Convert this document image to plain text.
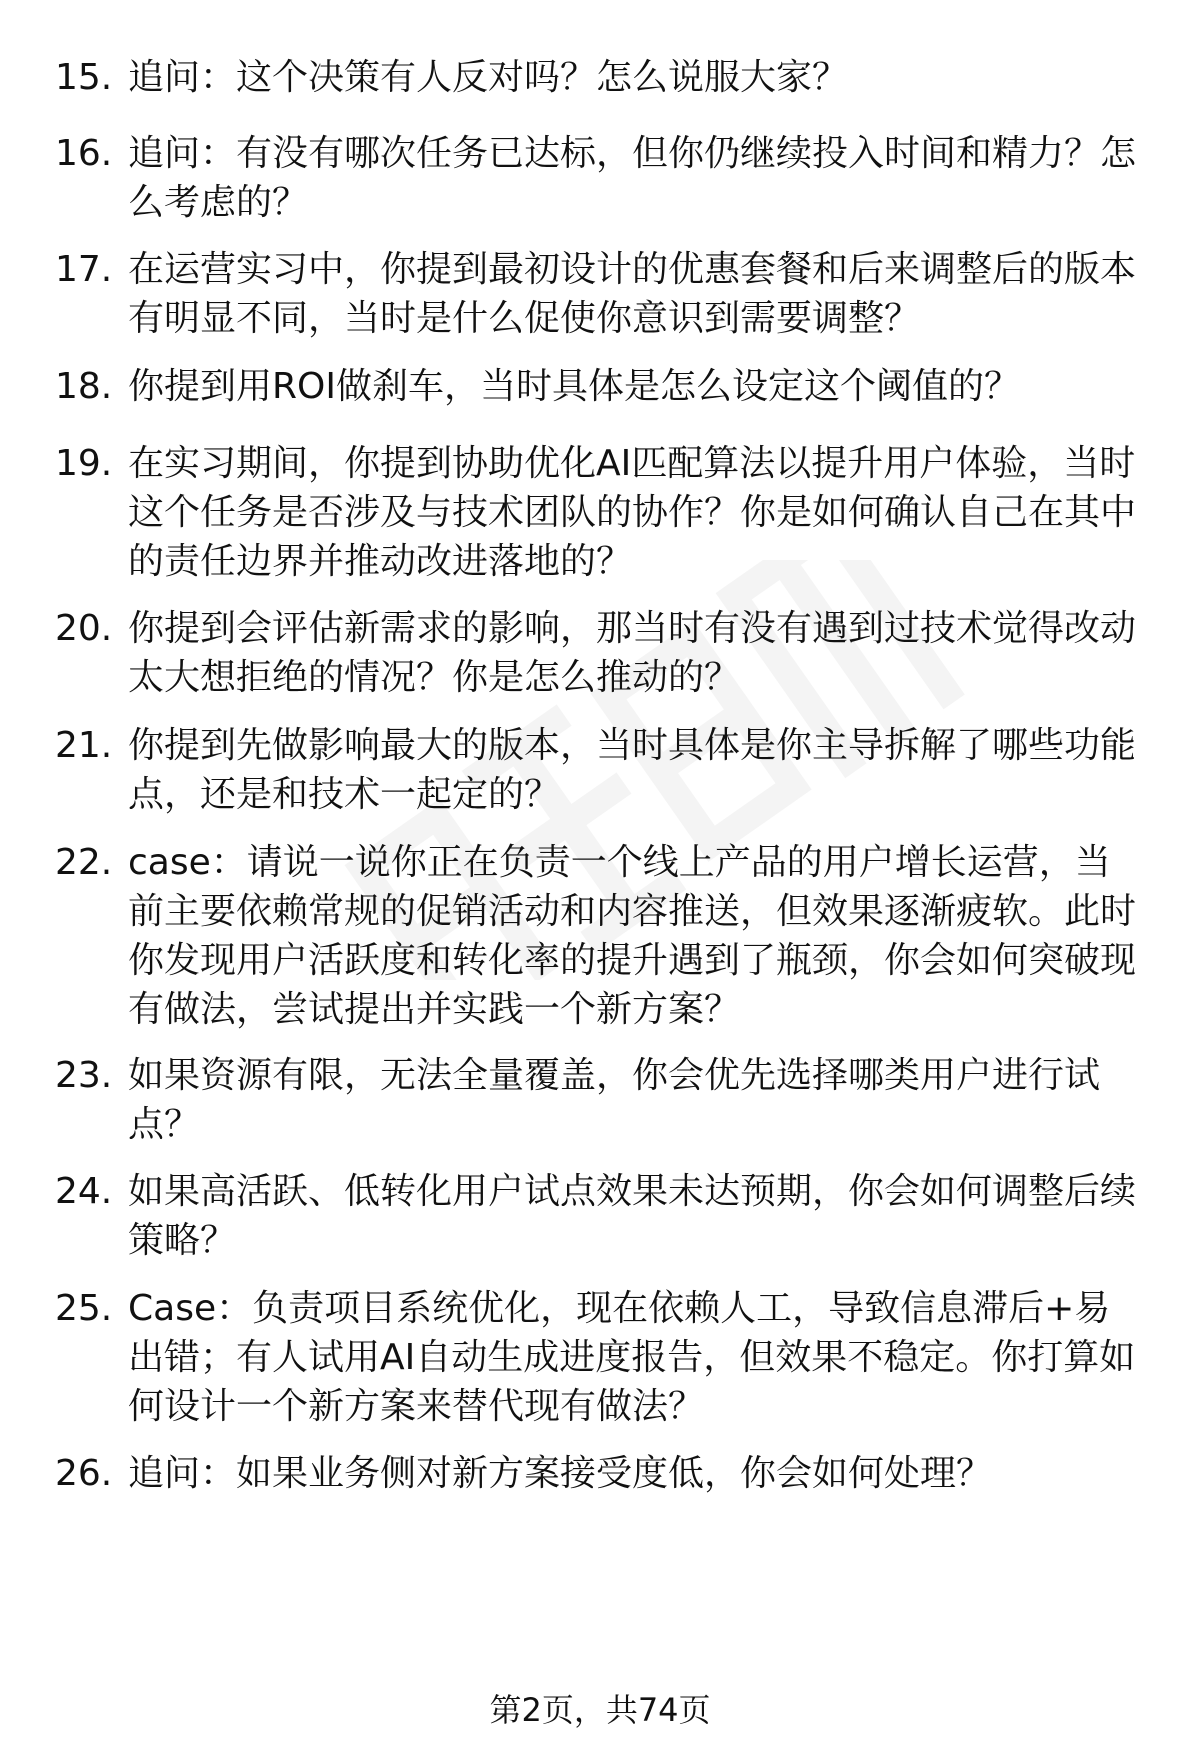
15. 追问：这个决策有人反对吗？怎么说服大家？
16. 追问：有没有哪次任务已达标，但你仍继续投入时间和精力？怎么考虑的？
17. 在运营实习中，你提到最初设计的优惠套餐和后来调整后的版本有明显不同，当时是什么促使你意识到需要调整？
18. 你提到用ROI做刹车，当时具体是怎么设定这个阈值的？
19. 在实习期间，你提到协助优化AI匹配算法以提升用户体验，当时这个任务是否涉及与技术团队的协作？你是如何确认自己在其中的责任边界并推动改进落地的？
20. 你提到会评估新需求的影响，那当时有没有遇到过技术觉得改动太大想拒绝的情况？你是怎么推动的？
21. 你提到先做影响最大的版本，当时具体是你主导拆解了哪些功能点，还是和技术一起定的？
22. case：请说一说你正在负责一个线上产品的用户增长运营，当前主要依赖常规的促销活动和内容推送，但效果逐渐疲软。此时你发现用户活跃度和转化率的提升遇到了瓶颈，你会如何突破现有做法，尝试提出并实践一个新方案？
23. 如果资源有限，无法全量覆盖，你会优先选择哪类用户进行试点？
24. 如果高活跃、低转化用户试点效果未达预期，你会如何调整后续策略？
25. Case：负责项目系统优化，现在依赖人工，导致信息滞后+易出错；有人试用AI自动生成进度报告，但效果不稳定。你打算如何设计一个新方案来替代现有做法？
26. 追问：如果业务侧对新方案接受度低，你会如何处理？
第2页，共74页
